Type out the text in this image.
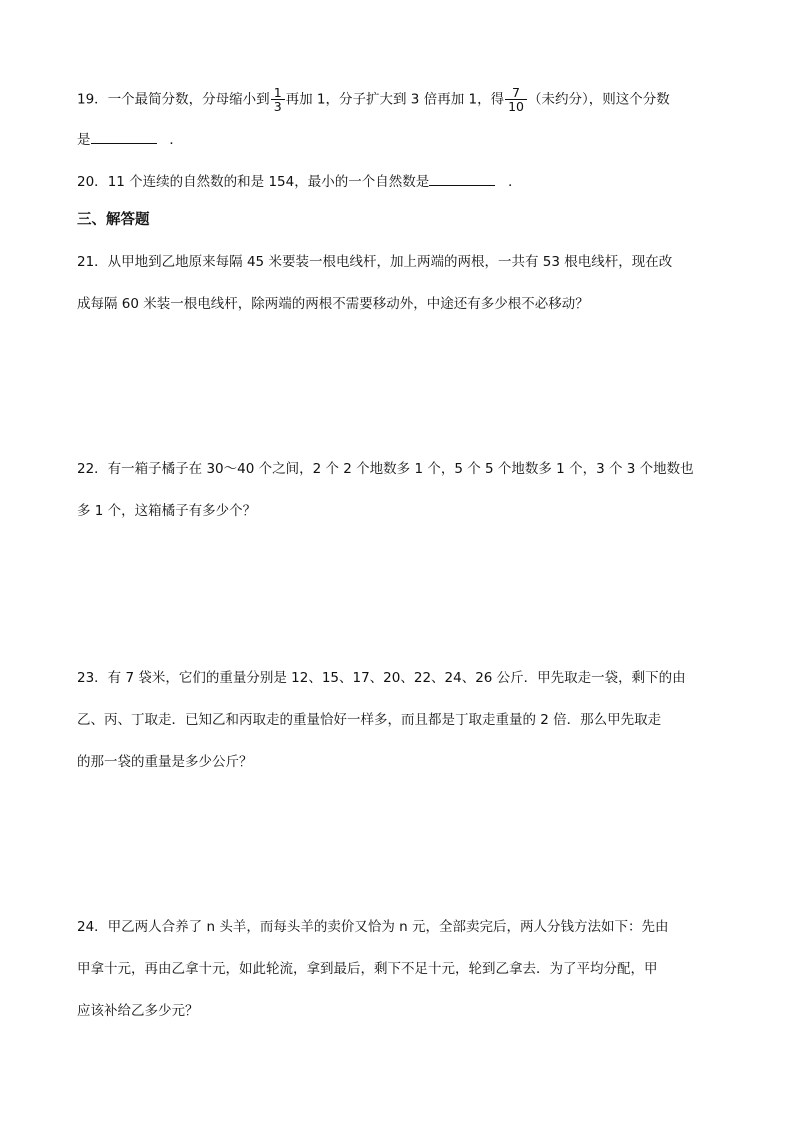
19．一个最简分数，分母缩小到 $\frac{1}{3}$ 再加 1，分子扩大到 3 倍再加 1，得 $\frac{7}{10}$ （未约分），则这个分数
是	．
20．11 个连续的自然数的和是 154，最小的一个自然数是	．
三、解答题
21．从甲地到乙地原来每隔 45 米要装一根电线杆，加上两端的两根，一共有 53 根电线杆，现在改
成每隔 60 米装一根电线杆，除两端的两根不需要移动外，中途还有多少根不必移动？
22．有一箱子橘子在 30～40 个之间，2 个 2 个地数多 1 个，5 个 5 个地数多 1 个，3 个 3 个地数也
多 1 个，这箱橘子有多少个？
23．有 7 袋米，它们的重量分别是 12、15、17、20、22、24、26 公斤．甲先取走一袋，剩下的由
乙、丙、丁取走．已知乙和丙取走的重量恰好一样多，而且都是丁取走重量的 2 倍．那么甲先取走
的那一袋的重量是多少公斤？
24．甲乙两人合养了 n 头羊，而每头羊的卖价又恰为 n 元，全部卖完后，两人分钱方法如下：先由
甲拿十元，再由乙拿十元，如此轮流，拿到最后，剩下不足十元，轮到乙拿去．为了平均分配，甲
应该补给乙多少元？
